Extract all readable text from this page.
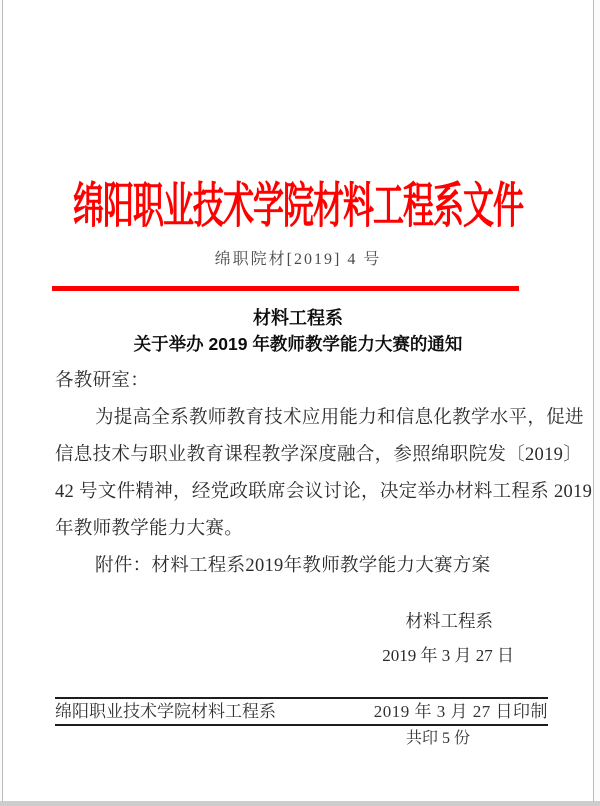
绵阳职业技术学院材料工程系文件
绵职院材[2019] 4 号
材料工程系
关于举办 2019 年教师教学能力大赛的通知
各教研室：
为提高全系教师教育技术应用能力和信息化教学水平，促进
信息技术与职业教育课程教学深度融合，参照绵职院发〔2019〕
42 号文件精神，经党政联席会议讨论，决定举办材料工程系 2019
年教师教学能力大赛。
附件：材料工程系2019年教师教学能力大赛方案
材料工程系
2019 年 3 月 27 日
绵阳职业技术学院材料工程系	2019 年 3 月 27 日印制
共印 5 份
